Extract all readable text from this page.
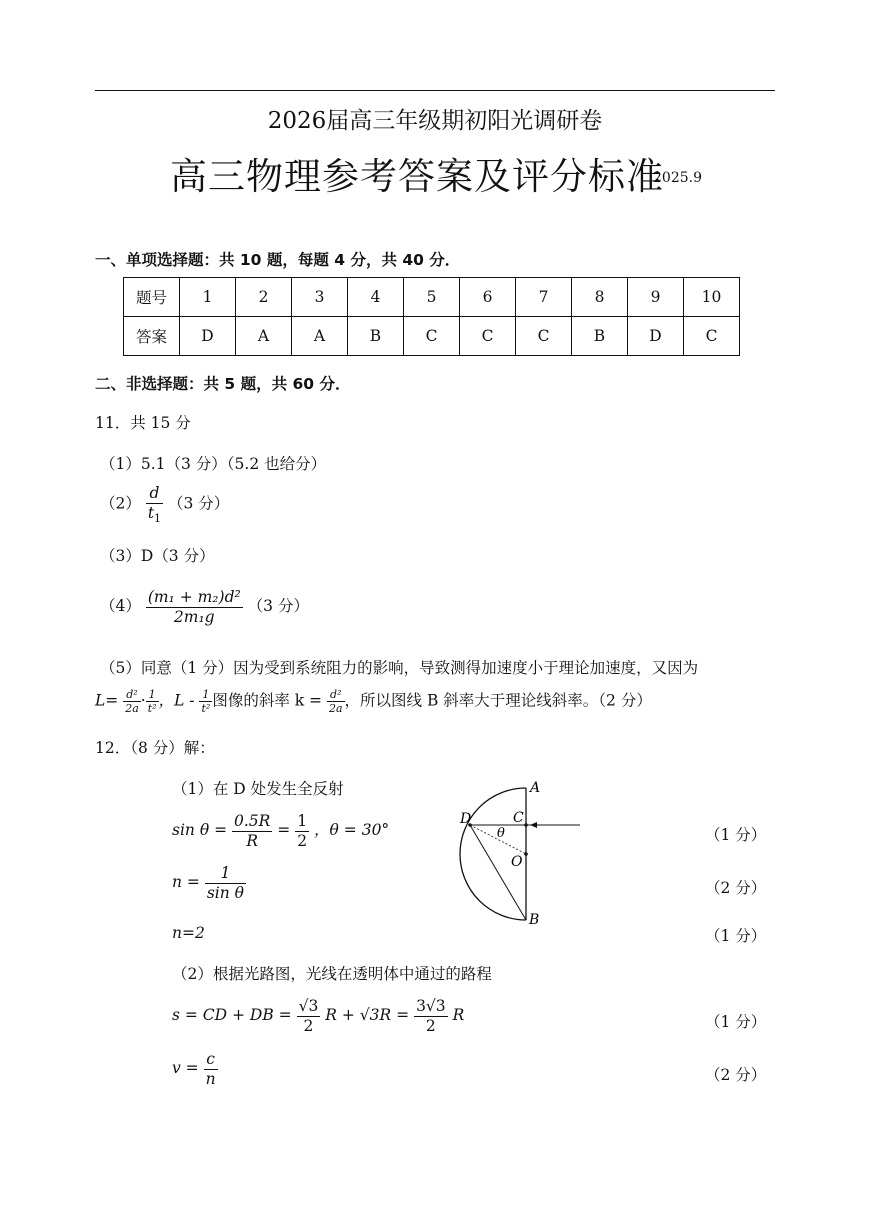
2026届高三年级期初阳光调研卷
高三物理参考答案及评分标准
2025.9
一、单项选择题：共 10 题，每题 4 分，共 40 分．
题号	1	2	3	4	5	6	7	8	9	10
答案	D	A	A	B	C	C	C	B	D	C
二、非选择题：共 5 题，共 60 分．
11．共 15 分
（1）5.1（3 分）（5.2 也给分）
$(2) \frac{d}{t_1} (3$ 分）
（3）D（3 分）
$(4) \frac{\text{(m₁ + m₂)d²}}{\text{2m₁g}} (3$ 分）
（5）同意（1 分）因为受到系统阻力的影响，导致测得加速度小于理论加速度，又因为
$L= \frac{\text{d²}}{2a} \cdot \frac{1}{\text{t²}}$ ，L - $\frac{1}{\text{t²}}$ 图像的斜率 $k = \frac{\text{d²}}{2a}$ ，所以图线 B 斜率大于理论线斜率。（2 分）
12．（8 分）解：
（1）在 D 处发生全反射
$\sin \theta = \frac{0.5R}{R} = \frac{1}{2}$ ，θ = 30°	（1 分）
$n = \frac{1}{\text{sin θ}}$	（2 分）
n=2	（1 分）
（2）根据光路图，光线在透明体中通过的路程
s = CD + DB = $\frac{√3}{2}$ $R + √3R = \frac{3√3}{2}$ R	（1 分）
$v = \frac{c}{n}$	（2 分）
A
B
C
D
O
θ
